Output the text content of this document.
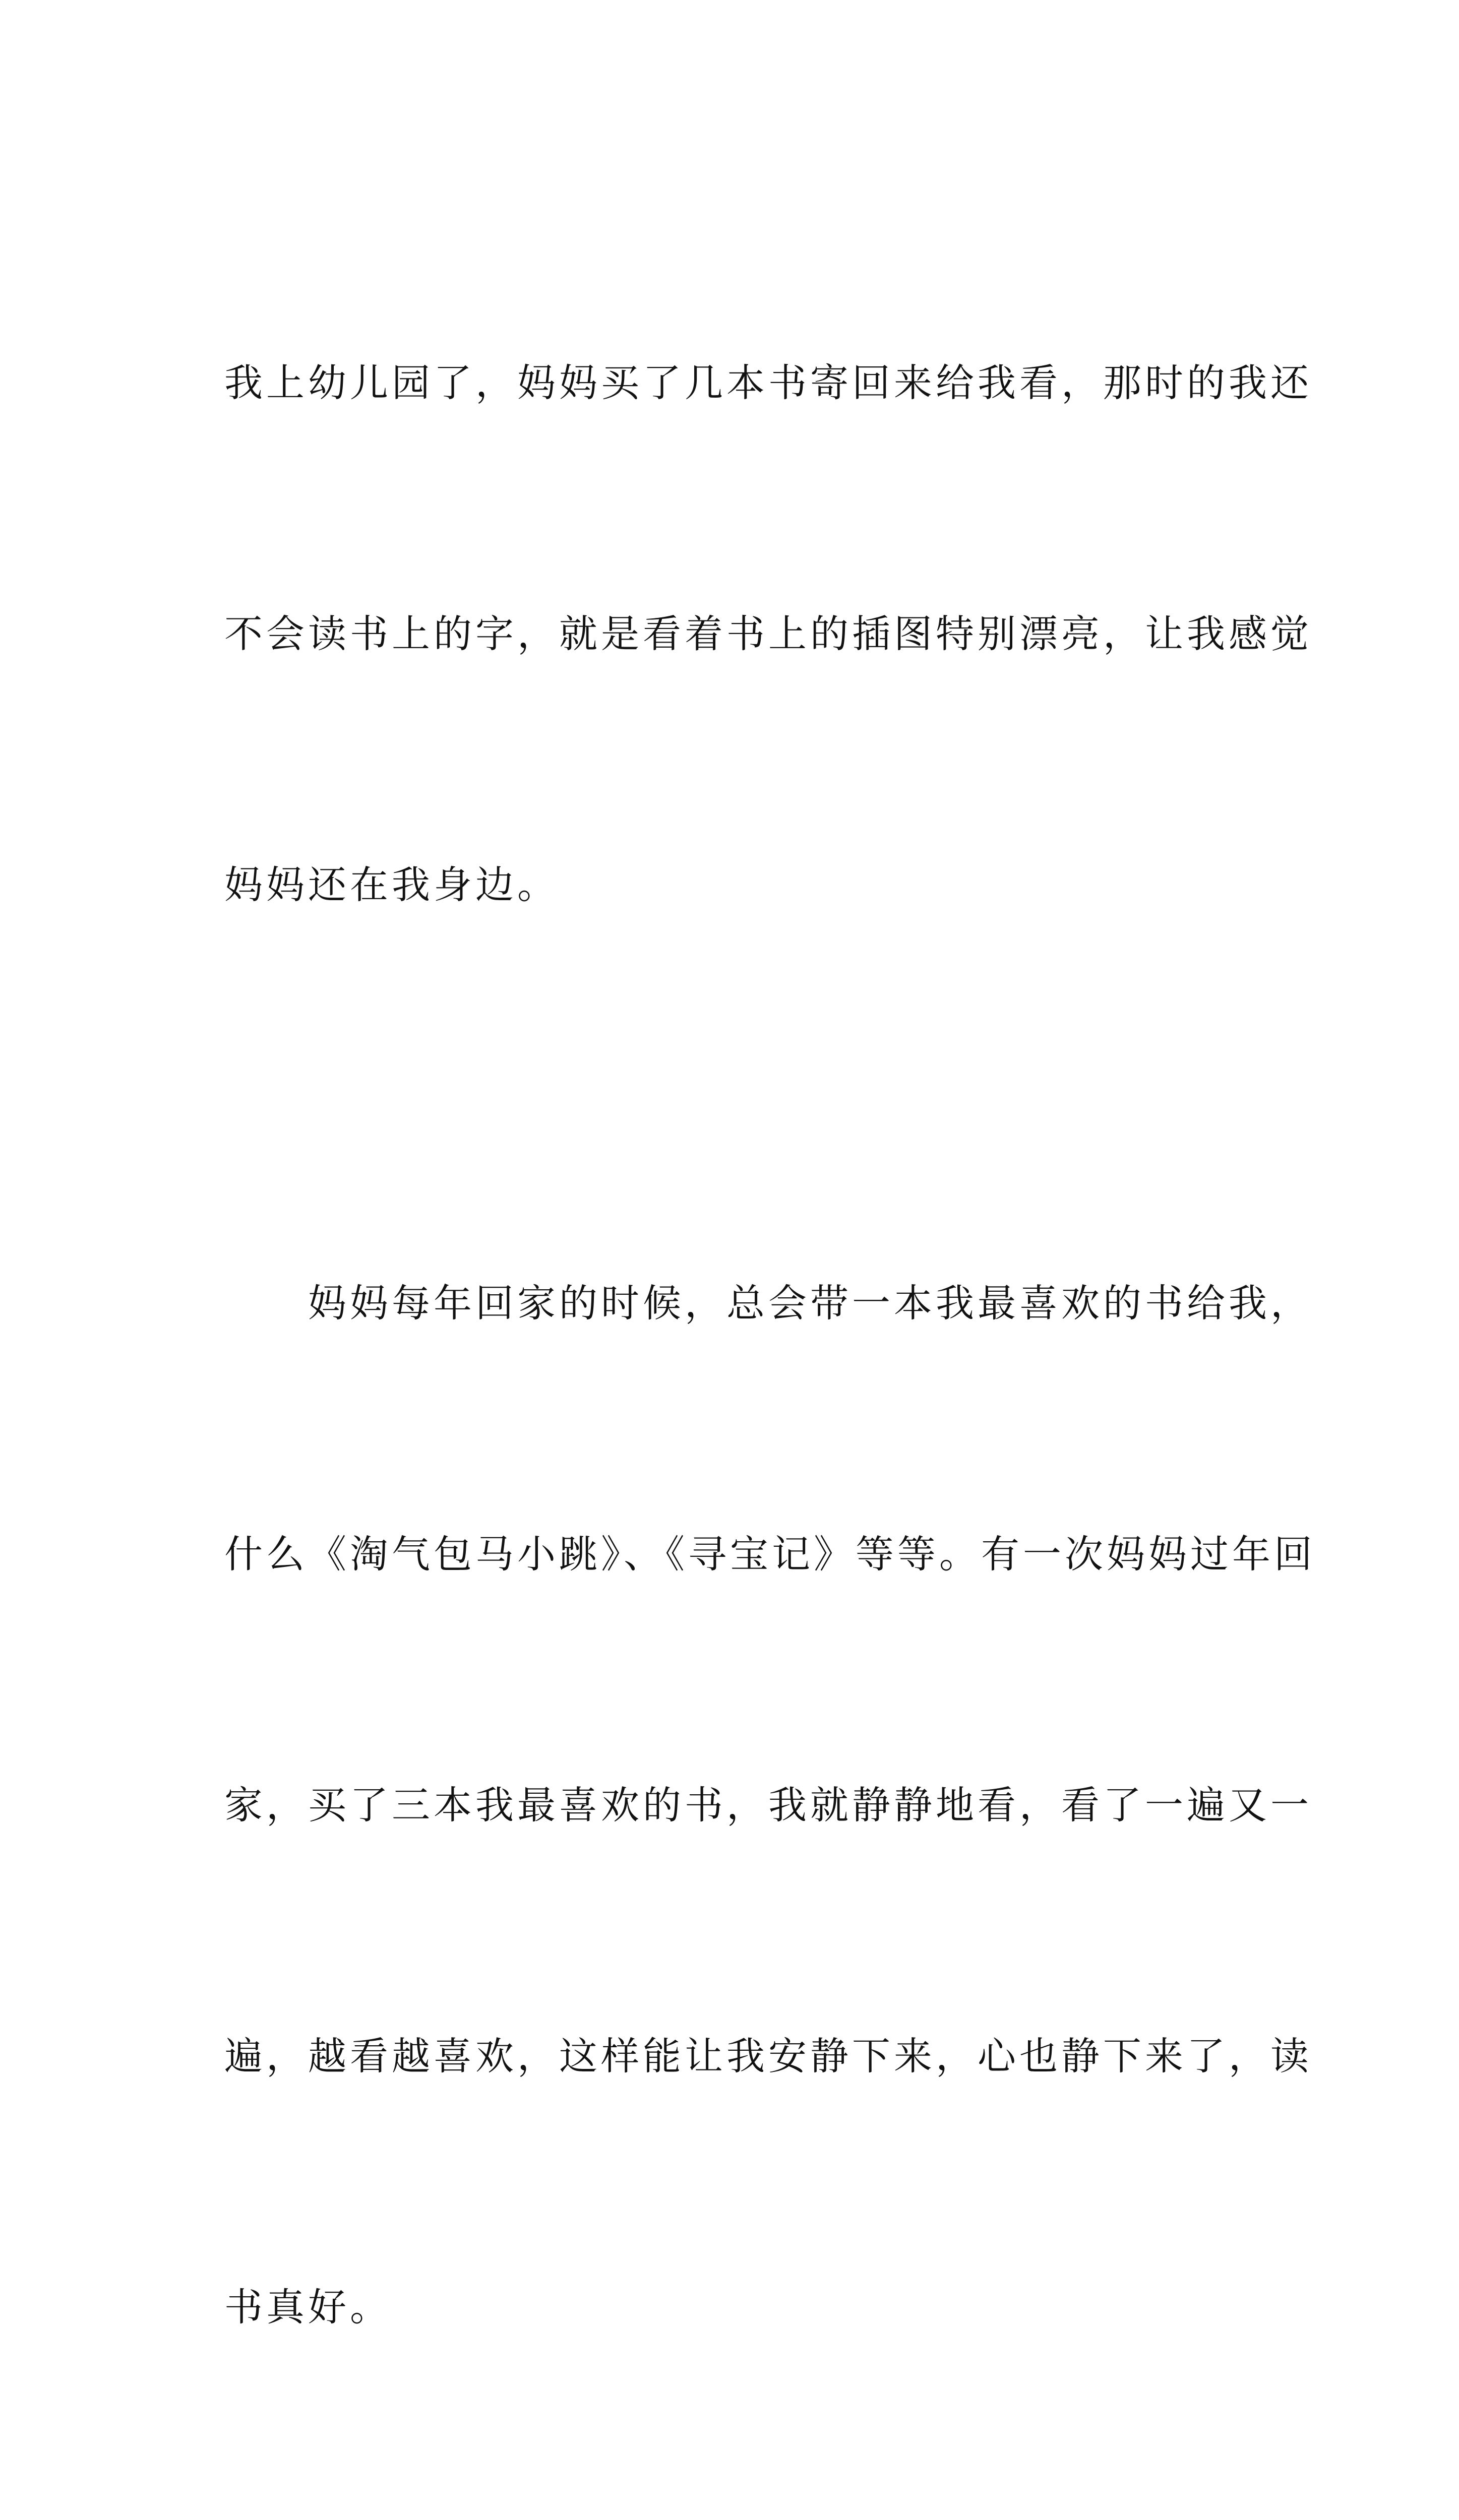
我上幼儿园了，妈妈买了几本书寄回来给我看，那时的我还

不会读书上的字，就是看着书上的插图特别漂亮，让我感觉

妈妈还在我身边。

　　妈妈每年回家的时候，总会带一本我最喜欢的书给我，

什么《淘气包马小跳》、《寻宝记》等等。有一次妈妈过年回

家，买了三本我最喜欢的书，我就静静地看，看了一遍又一

遍，越看越喜欢，这样能让我安静下来，心也静下来了，读

书真好。
